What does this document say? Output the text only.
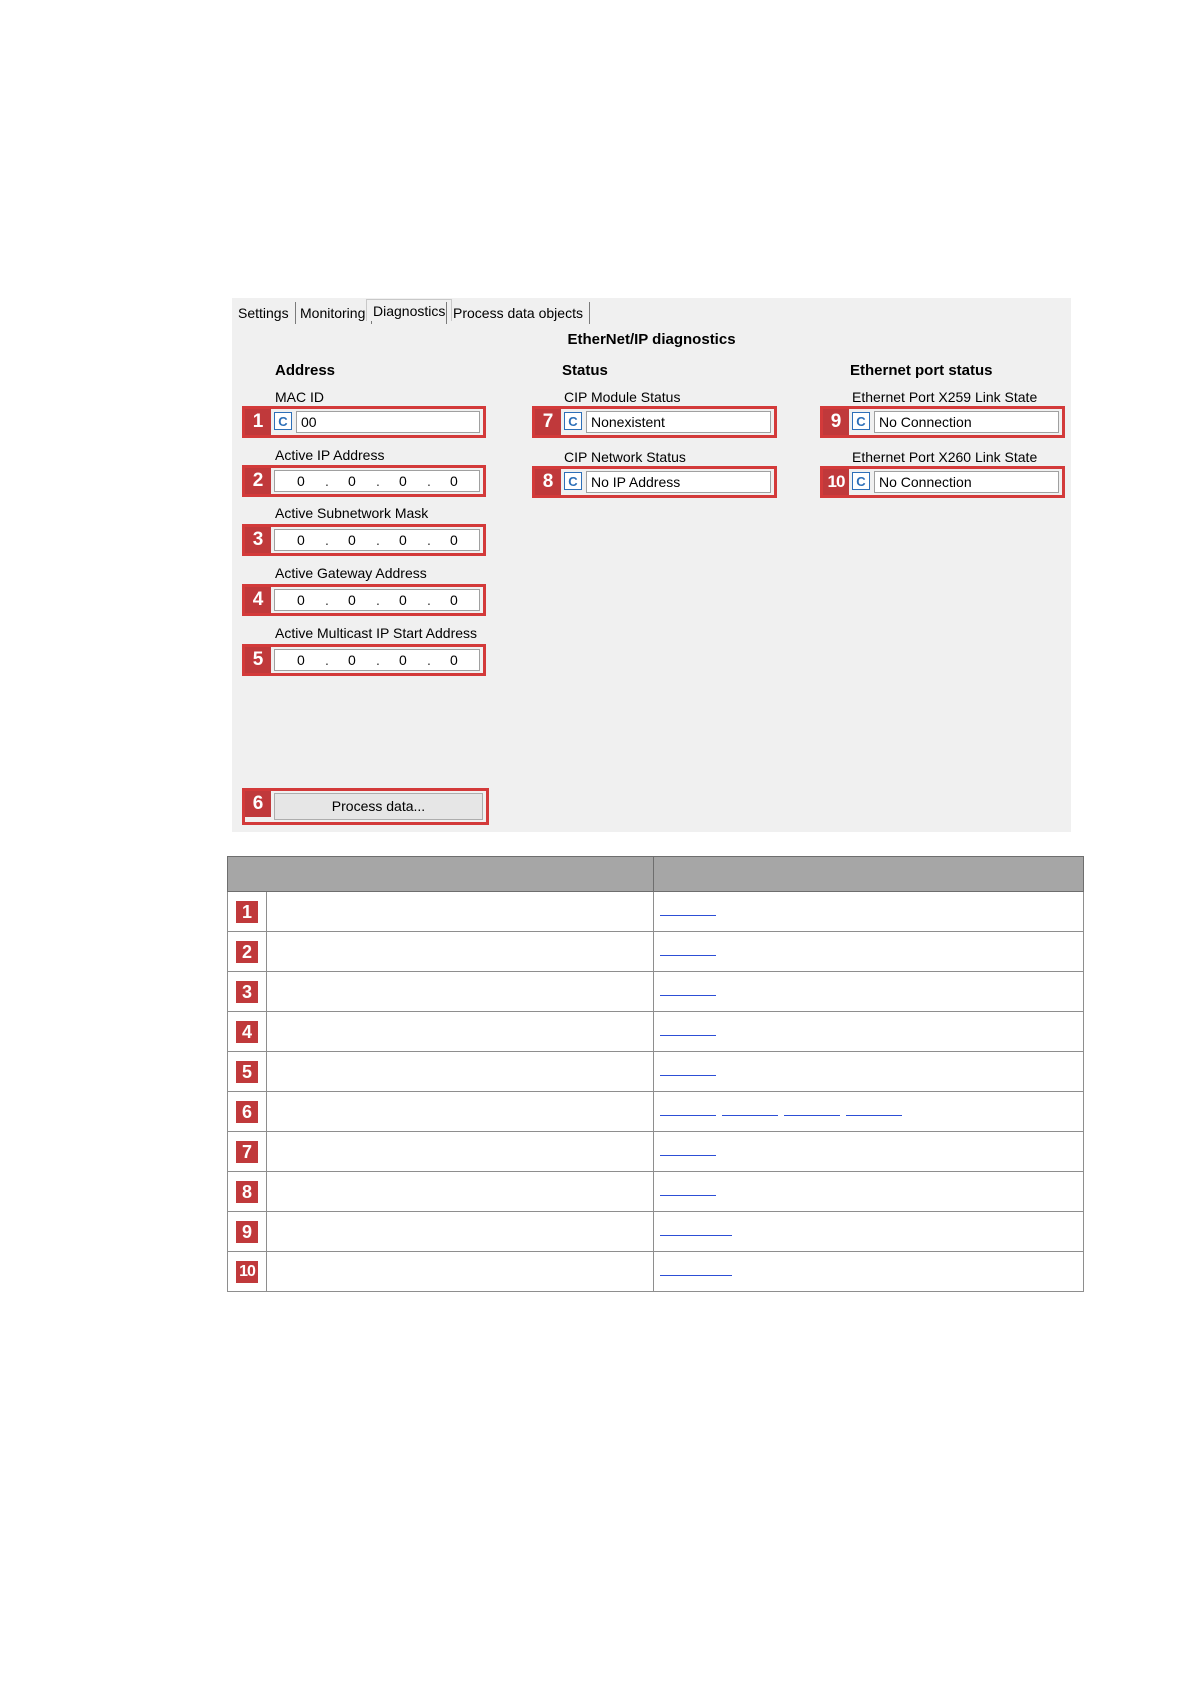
Settings Monitoring Diagnostics Process data objects
EtherNet/IP diagnostics
Address	Status	Ethernet port status
MAC ID
1	C 00
Active IP Address
2	0 . 0 . 0 . 0
Active Subnetwork Mask
3	0 . 0 . 0 . 0
Active Gateway Address
4	0 . 0 . 0 . 0
Active Multicast IP Start Address
5	0 . 0 . 0 . 0
6	Process data...
CIP Module Status
7	C Nonexistent
CIP Network Status
8	C No IP Address
Ethernet Port X259 Link State
9	C No Connection
Ethernet Port X260 Link State
10 C No Connection

1		
2		
3		
4		
5		
6		
7		
8		
9		
10		
